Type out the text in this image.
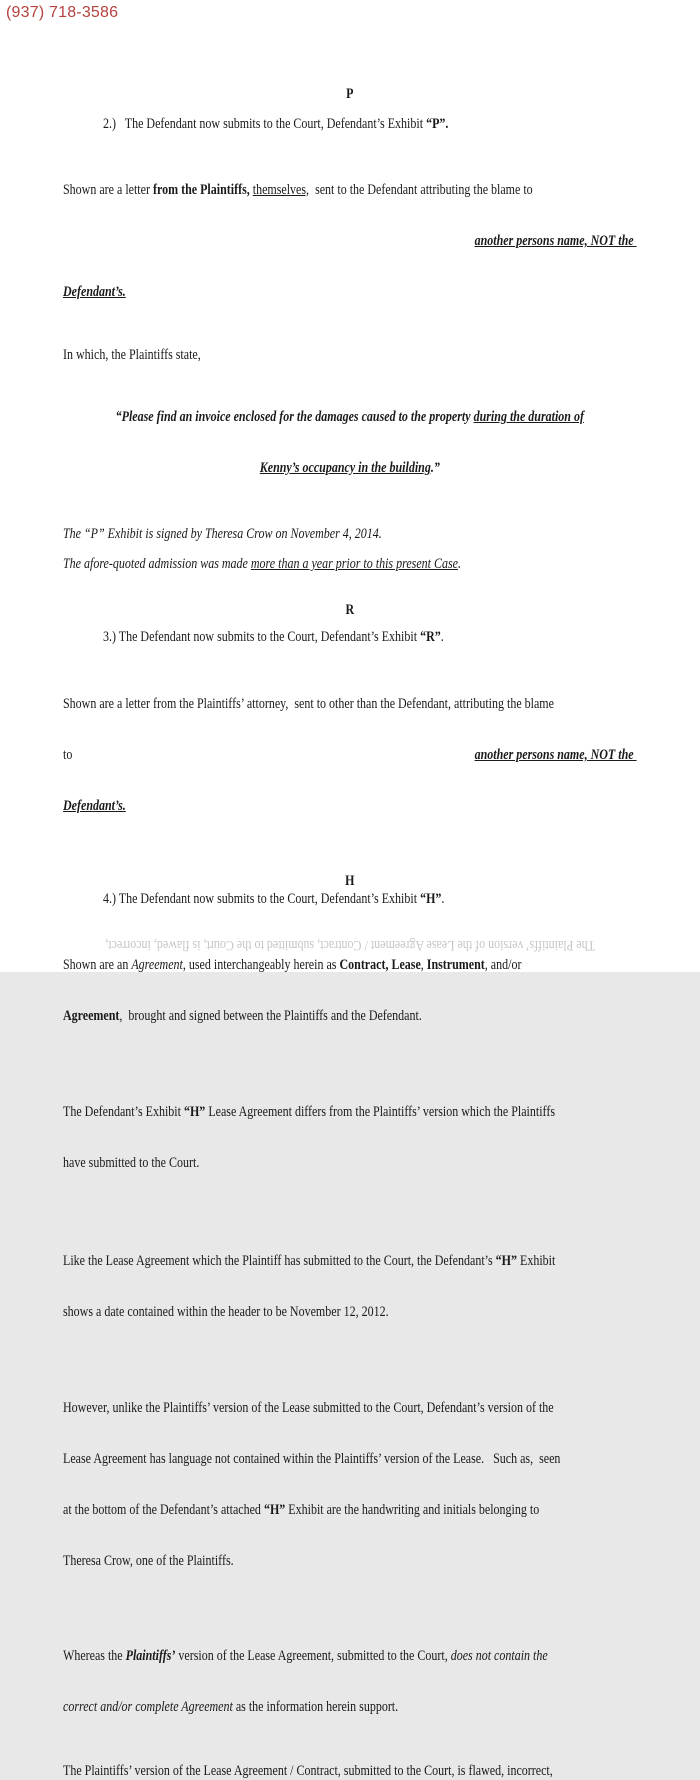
(937) 718-3586
P
2.)   The Defendant now submits to the Court, Defendant’s Exhibit “P”.

Shown are a letter from the Plaintiffs, themselves,  sent to the Defendant attributing the blame to

another persons name, NOT the

Defendant’s.

In which, the Plaintiffs state,

“Please find an invoice enclosed for the damages caused to the property during the duration of

Kenny’s occupancy in the building.”

The “P” Exhibit is signed by Theresa Crow on November 4, 2014.
The afore-quoted admission was made more than a year prior to this present Case.
R
3.) The Defendant now submits to the Court, Defendant’s Exhibit “R”.

Shown are a letter from the Plaintiffs’ attorney,  sent to other than the Defendant, attributing the blame

to	another persons name, NOT the

Defendant’s.

H
4.) The Defendant now submits to the Court, Defendant’s Exhibit “H”.

Shown are an Agreement, used interchangeably herein as Contract, Lease, Instrument, and/or

Agreement,  brought and signed between the Plaintiffs and the Defendant.

The Defendant’s Exhibit “H” Lease Agreement differs from the Plaintiffs’ version which the Plaintiffs

have submitted to the Court.

Like the Lease Agreement which the Plaintiff has submitted to the Court, the Defendant’s “H” Exhibit

shows a date contained within the header to be November 12, 2012.

However, unlike the Plaintiffs’ version of the Lease submitted to the Court, Defendant’s version of the

Lease Agreement has language not contained within the Plaintiffs’ version of the Lease.   Such as,  seen

at the bottom of the Defendant’s attached “H” Exhibit are the handwriting and initials belonging to

Theresa Crow, one of the Plaintiffs.

Whereas the Plaintiffs’ version of the Lease Agreement, submitted to the Court, does not contain the

correct and/or complete Agreement as the information herein support.

The Plaintiffs’ version of the Lease Agreement / Contract, submitted to the Court, is flawed, incorrect,
The Plaintiffs’ version of the Lease Agreement / Contract, submitted to the Court, is flawed, incorrect,
